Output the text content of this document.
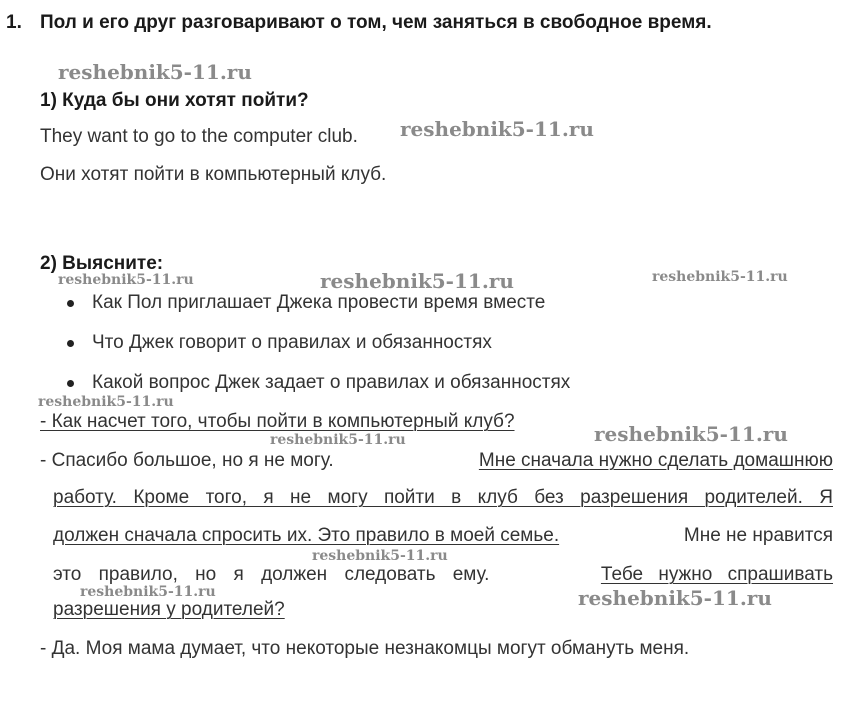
1. Пол и его друг разговаривают о том, чем заняться в свободное время.
1) Куда бы они хотят пойти?
They want to go to the computer club.
Они хотят пойти в компьютерный клуб.
2) Выясните:
Как Пол приглашает Джека провести время вместе
Что Джек говорит о правилах и обязанностях
Какой вопрос Джек задает о правилах и обязанностях
- Как насчет того, чтобы пойти в компьютерный клуб?
- Спасибо большое, но я не могу.	Мне сначала нужно сделать домашнюю
работу. Кроме того, я не могу пойти в клуб без разрешения родителей. Я
должен сначала спросить их. Это правило в моей семье.	Мне не нравится
это правило, но я должен следовать ему.	Тебе нужно спрашивать
разрешения у родителей?
- Да. Моя мама думает, что некоторые незнакомцы могут обмануть меня.
reshebnik5-11.ru
reshebnik5-11.ru
reshebnik5-11.ru	reshebnik5-11.ru	reshebnik5-11.ru
reshebnik5-11.ru
reshebnik5-11.ru
reshebnik5-11.ru
reshebnik5-11.ru
reshebnik5-11.ru	reshebnik5-11.ru
